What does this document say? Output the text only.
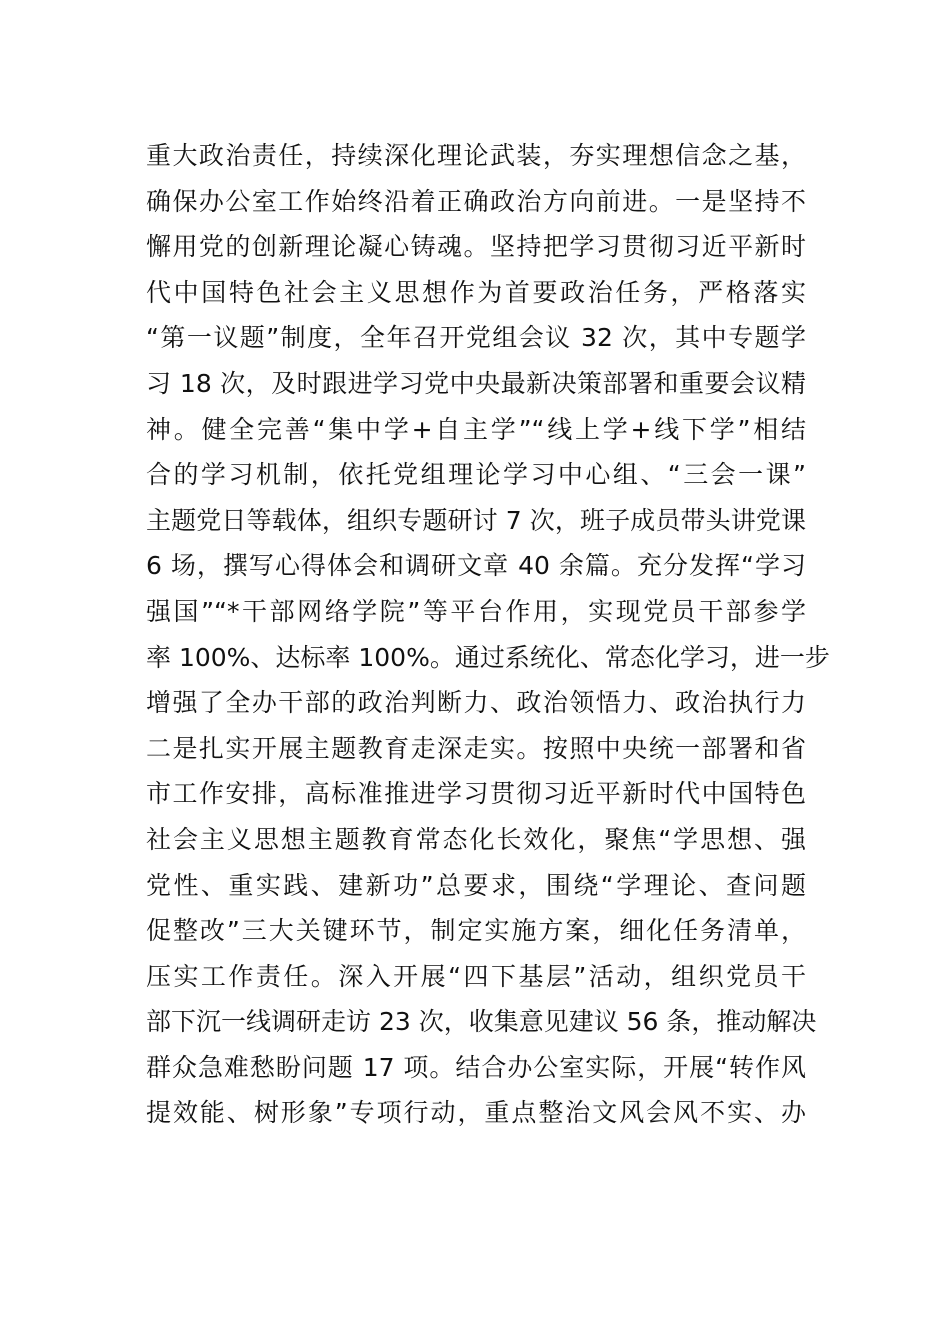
重大政治责任，持续深化理论武装，夯实理想信念之基，
确保办公室工作始终沿着正确政治方向前进。一是坚持不
懈用党的创新理论凝心铸魂。坚持把学习贯彻习近平新时
代中国特色社会主义思想作为首要政治任务，严格落实
“第一议题”制度，全年召开党组会议 32 次，其中专题学
习 18 次，及时跟进学习党中央最新决策部署和重要会议精
神。健全完善“集中学+自主学”“线上学+线下学”相结
合的学习机制，依托党组理论学习中心组、“三会一课”
主题党日等载体，组织专题研讨 7 次，班子成员带头讲党课
6 场，撰写心得体会和调研文章 40 余篇。充分发挥“学习
强国”“*干部网络学院”等平台作用，实现党员干部参学
率 100%、达标率 100%。通过系统化、常态化学习，进一步
增强了全办干部的政治判断力、政治领悟力、政治执行力
二是扎实开展主题教育走深走实。按照中央统一部署和省
市工作安排，高标准推进学习贯彻习近平新时代中国特色
社会主义思想主题教育常态化长效化，聚焦“学思想、强
党性、重实践、建新功”总要求，围绕“学理论、查问题
促整改”三大关键环节，制定实施方案，细化任务清单，
压实工作责任。深入开展“四下基层”活动，组织党员干
部下沉一线调研走访 23 次，收集意见建议 56 条，推动解决
群众急难愁盼问题 17 项。结合办公室实际，开展“转作风
提效能、树形象”专项行动，重点整治文风会风不实、办
